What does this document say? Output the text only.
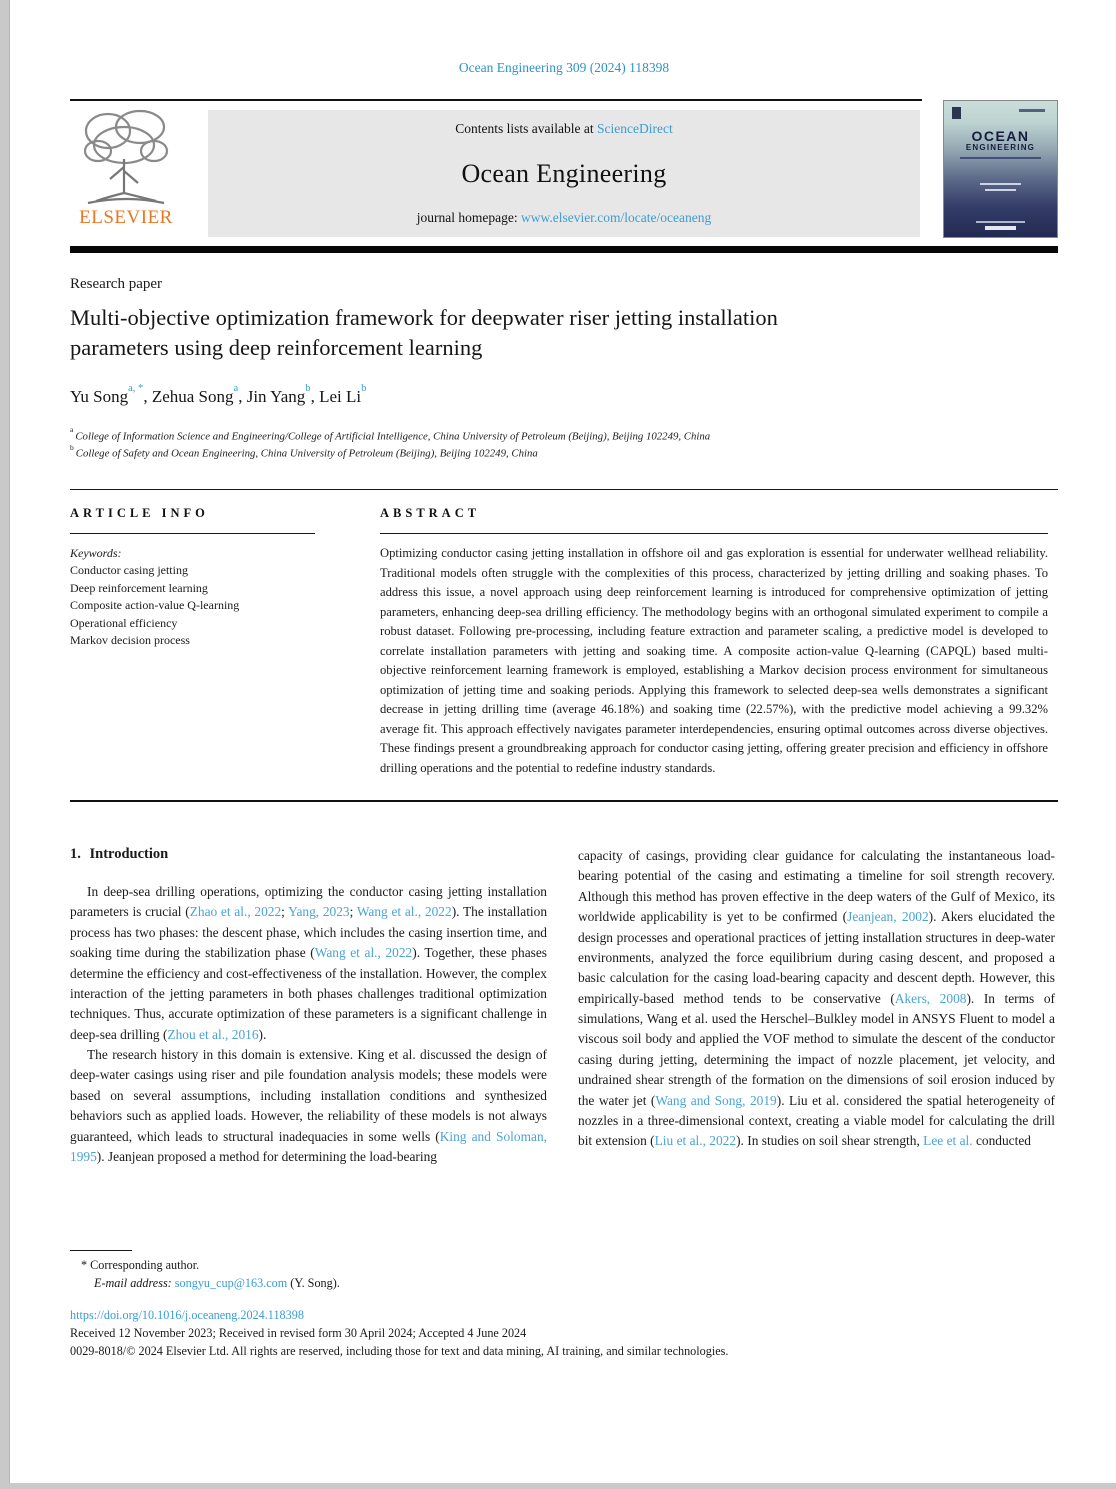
Ocean Engineering 309 (2024) 118398
ELSEVIER
Contents lists available at ScienceDirect
Ocean Engineering
journal homepage: www.elsevier.com/locate/oceaneng
OCEAN
ENGINEERING
Research paper
Multi-objective optimization framework for deepwater riser jetting installation parameters using deep reinforcement learning
Yu Song$^{a, *}$, Zehua Song$^a$, Jin Yang$^b$, Lei Li$^b$
$^a$College of Information Science and Engineering/College of Artificial Intelligence, China University of Petroleum (Beijing), Beijing 102249, China
$^b$College of Safety and Ocean Engineering, China University of Petroleum (Beijing), Beijing 102249, China
ARTICLE INFO	ABSTRACT
Keywords:
Conductor casing jetting
Deep reinforcement learning
Composite action-value Q-learning
Operational efficiency
Markov decision process
Optimizing conductor casing jetting installation in offshore oil and gas exploration is essential for underwater wellhead reliability. Traditional models often struggle with the complexities of this process, characterized by jetting drilling and soaking phases. To address this issue, a novel approach using deep reinforcement learning is introduced for comprehensive optimization of jetting parameters, enhancing deep-sea drilling efficiency. The methodology begins with an orthogonal simulated experiment to compile a robust dataset. Following pre-processing, including feature extraction and parameter scaling, a predictive model is developed to correlate installation parameters with jetting and soaking time. A composite action-value Q-learning (CAPQL) based multi-objective reinforcement learning framework is employed, establishing a Markov decision process environment for simultaneous optimization of jetting time and soaking periods. Applying this framework to selected deep-sea wells demonstrates a significant decrease in jetting drilling time (average 46.18%) and soaking time (22.57%), with the predictive model achieving a 99.32% average fit. This approach effectively navigates parameter interdependencies, ensuring optimal outcomes across diverse objectives. These findings present a groundbreaking approach for conductor casing jetting, offering greater precision and efficiency in offshore drilling operations and the potential to redefine industry standards.
1. Introduction

In deep-sea drilling operations, optimizing the conductor casing jetting installation parameters is crucial (Zhao et al., 2022; Yang, 2023; Wang et al., 2022). The installation process has two phases: the descent phase, which includes the casing insertion time, and soaking time during the stabilization phase (Wang et al., 2022). Together, these phases determine the efficiency and cost-effectiveness of the installation. However, the complex interaction of the jetting parameters in both phases challenges traditional optimization techniques. Thus, accurate optimization of these parameters is a significant challenge in deep-sea drilling (Zhou et al., 2016).

The research history in this domain is extensive. King et al. discussed the design of deep-water casings using riser and pile foundation analysis models; these models were based on several assumptions, including installation conditions and synthesized behaviors such as applied loads. However, the reliability of these models is not always guaranteed, which leads to structural inadequacies in some wells (King and Soloman, 1995). Jeanjean proposed a method for determining the load-bearing

capacity of casings, providing clear guidance for calculating the instantaneous load-bearing potential of the casing and estimating a timeline for soil strength recovery. Although this method has proven effective in the deep waters of the Gulf of Mexico, its worldwide applicability is yet to be confirmed (Jeanjean, 2002). Akers elucidated the design processes and operational practices of jetting installation structures in deep-water environments, analyzed the force equilibrium during casing descent, and proposed a basic calculation for the casing load-bearing capacity and descent depth. However, this empirically-based method tends to be conservative (Akers, 2008). In terms of simulations, Wang et al. used the Herschel–Bulkley model in ANSYS Fluent to model a viscous soil body and applied the VOF method to simulate the descent of the conductor casing during jetting, determining the impact of nozzle placement, jet velocity, and undrained shear strength of the formation on the dimensions of soil erosion induced by the water jet (Wang and Song, 2019). Liu et al. considered the spatial heterogeneity of nozzles in a three-dimensional context, creating a viable model for calculating the drill bit extension (Liu et al., 2022). In studies on soil shear strength, Lee et al. conducted

* Corresponding author.
E-mail address: songyu_cup@163.com (Y. Song).
https://doi.org/10.1016/j.oceaneng.2024.118398
Received 12 November 2023; Received in revised form 30 April 2024; Accepted 4 June 2024
0029-8018/© 2024 Elsevier Ltd. All rights are reserved, including those for text and data mining, AI training, and similar technologies.
